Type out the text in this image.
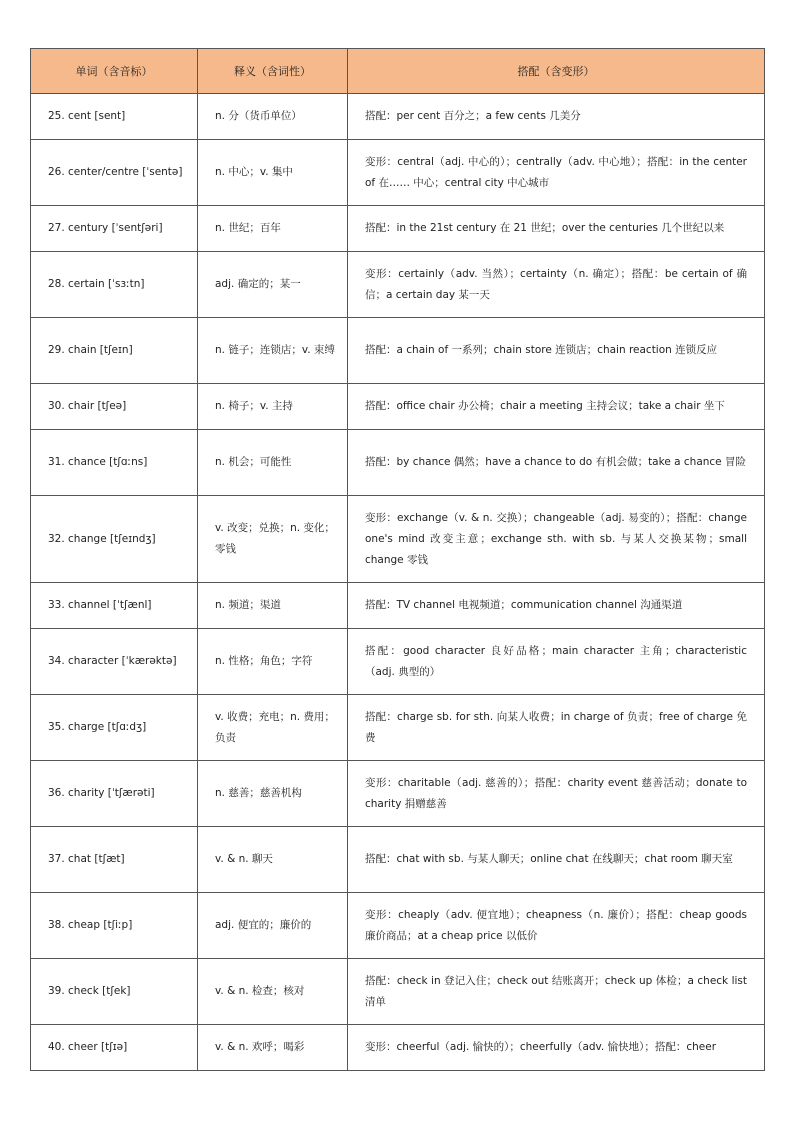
单词（含音标）	释义（含词性）	搭配（含变形）
25. cent [sent]	n. 分（货币单位）	搭配：per cent 百分之；a few cents 几美分
26. center/centre [ˈsentə]	n. 中心；v. 集中	变形：central（adj. 中心的）；centrally（adv. 中心地）；搭配：in the center of 在…… 中心；central city 中心城市
27. century [ˈsentʃəri]	n. 世纪；百年	搭配：in the 21st century 在 21 世纪；over the centuries 几个世纪以来
28. certain [ˈsɜːtn]	adj. 确定的；某一	变形：certainly（adv. 当然）；certainty（n. 确定）；搭配：be certain of 确信；a certain day 某一天
29. chain [tʃeɪn]	n. 链子；连锁店；v. 束缚	搭配：a chain of 一系列；chain store 连锁店；chain reaction 连锁反应
30. chair [tʃeə]	n. 椅子；v. 主持	搭配：office chair 办公椅；chair a meeting 主持会议；take a chair 坐下
31. chance [tʃɑːns]	n. 机会；可能性	搭配：by chance 偶然；have a chance to do 有机会做；take a chance 冒险
32. change [tʃeɪndʒ]	v. 改变；兑换；n. 变化；零钱	变形：exchange（v. & n. 交换）；changeable（adj. 易变的）；搭配：change one's mind 改变主意；exchange sth. with sb. 与某人交换某物；small change 零钱
33. channel [ˈtʃænl]	n. 频道；渠道	搭配：TV channel 电视频道；communication channel 沟通渠道
34. character [ˈkærəktə]	n. 性格；角色；字符	搭配：good character 良好品格；main character 主角；characteristic（adj. 典型的）
35. charge [tʃɑːdʒ]	v. 收费；充电；n. 费用；负责	搭配：charge sb. for sth. 向某人收费；in charge of 负责；free of charge 免费
36. charity [ˈtʃærəti]	n. 慈善；慈善机构	变形：charitable（adj. 慈善的）；搭配：charity event 慈善活动；donate to charity 捐赠慈善
37. chat [tʃæt]	v. & n. 聊天	搭配：chat with sb. 与某人聊天；online chat 在线聊天；chat room 聊天室
38. cheap [tʃiːp]	adj. 便宜的；廉价的	变形：cheaply（adv. 便宜地）；cheapness（n. 廉价）；搭配：cheap goods 廉价商品；at a cheap price 以低价
39. check [tʃek]	v. & n. 检查；核对	搭配：check in 登记入住；check out 结账离开；check up 体检；a check list 清单
40. cheer [tʃɪə]	v. & n. 欢呼；喝彩	变形：cheerful（adj. 愉快的）；cheerfully（adv. 愉快地）；搭配：cheer
